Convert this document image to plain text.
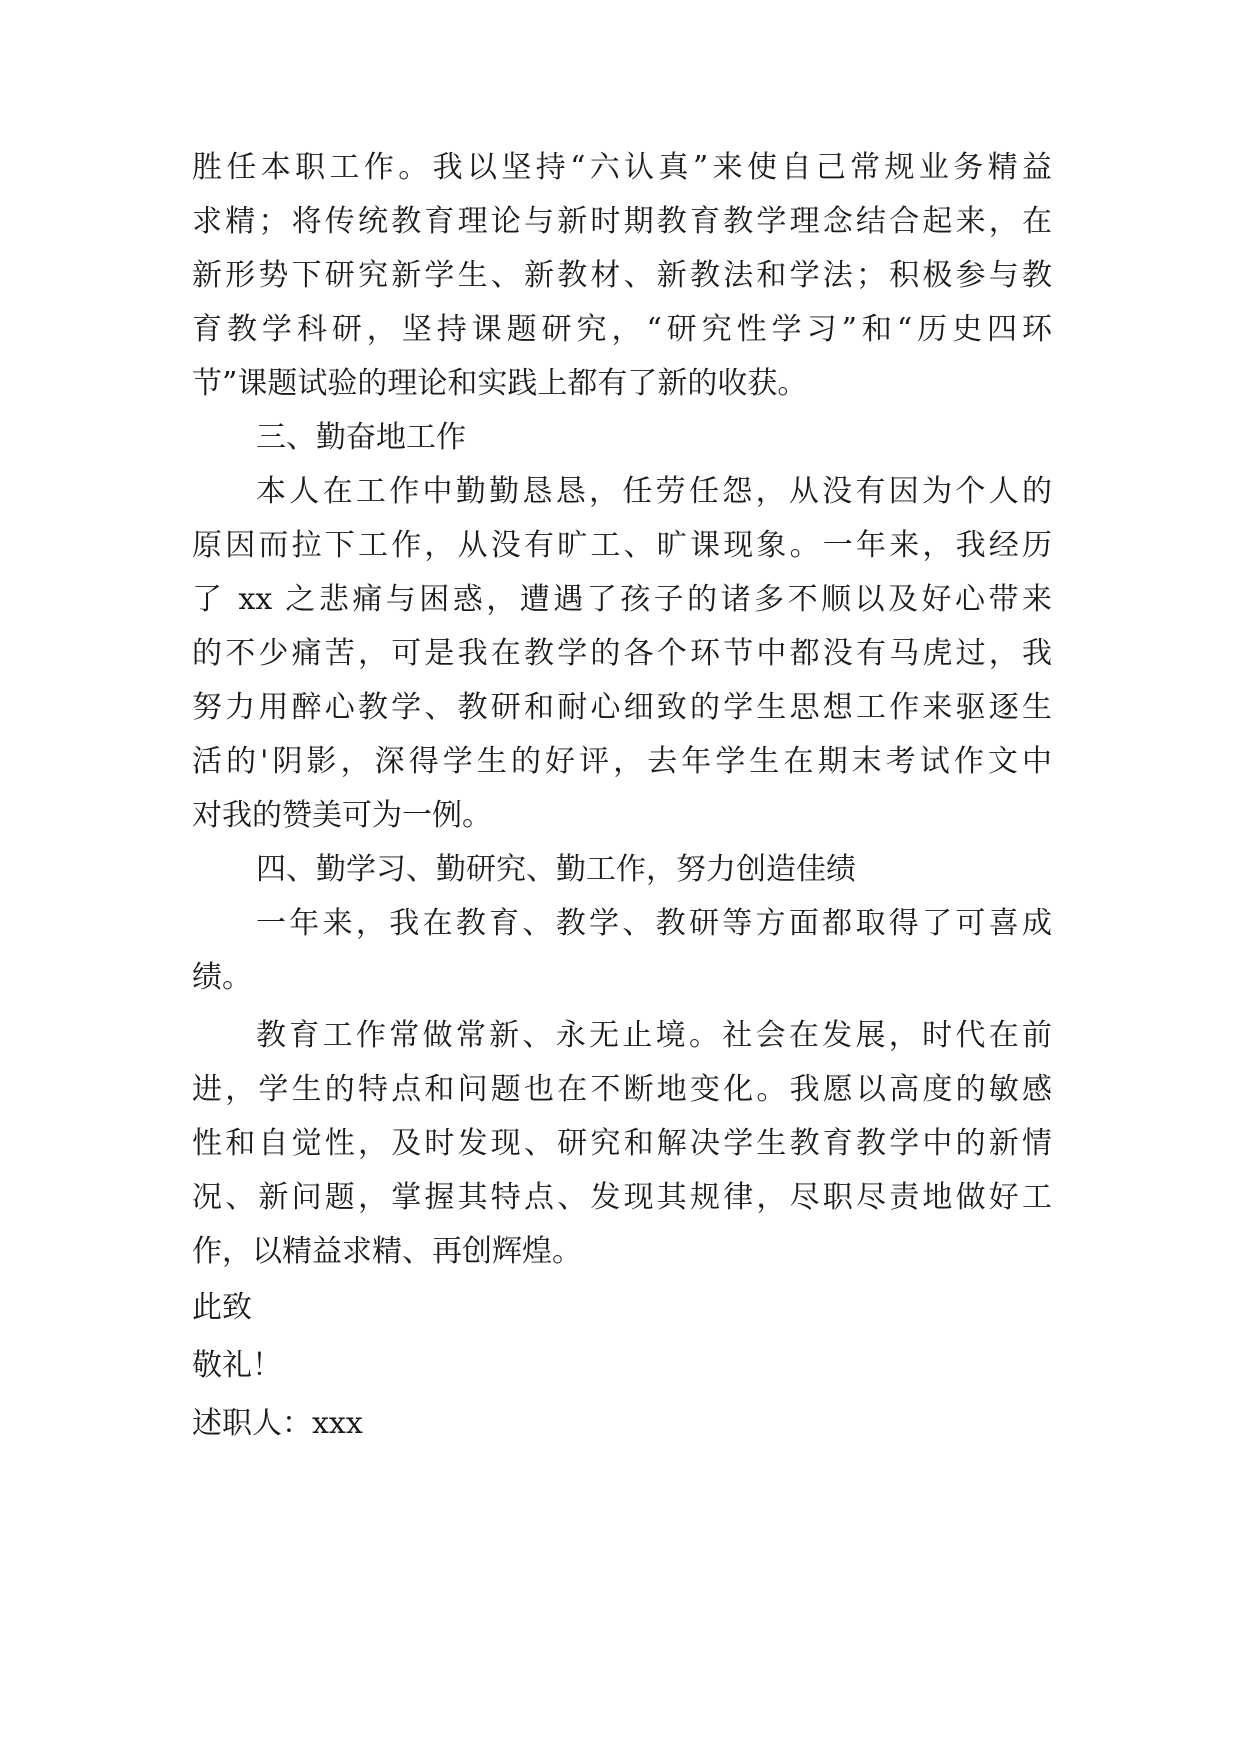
胜任本职工作。我以坚持“六认真”来使自己常规业务精益
求精；将传统教育理论与新时期教育教学理念结合起来，在
新形势下研究新学生、新教材、新教法和学法；积极参与教
育教学科研，坚持课题研究，“研究性学习”和“历史四环
节”课题试验的理论和实践上都有了新的收获。
三、勤奋地工作
本人在工作中勤勤恳恳，任劳任怨，从没有因为个人的
原因而拉下工作，从没有旷工、旷课现象。一年来，我经历
了 xx 之悲痛与困惑，遭遇了孩子的诸多不顺以及好心带来
的不少痛苦，可是我在教学的各个环节中都没有马虎过，我
努力用醉心教学、教研和耐心细致的学生思想工作来驱逐生
活的'阴影，深得学生的好评，去年学生在期末考试作文中
对我的赞美可为一例。
四、勤学习、勤研究、勤工作，努力创造佳绩
一年来，我在教育、教学、教研等方面都取得了可喜成
绩。
教育工作常做常新、永无止境。社会在发展，时代在前
进，学生的特点和问题也在不断地变化。我愿以高度的敏感
性和自觉性，及时发现、研究和解决学生教育教学中的新情
况、新问题，掌握其特点、发现其规律，尽职尽责地做好工
作，以精益求精、再创辉煌。
此致
敬礼！
述职人：xxx
